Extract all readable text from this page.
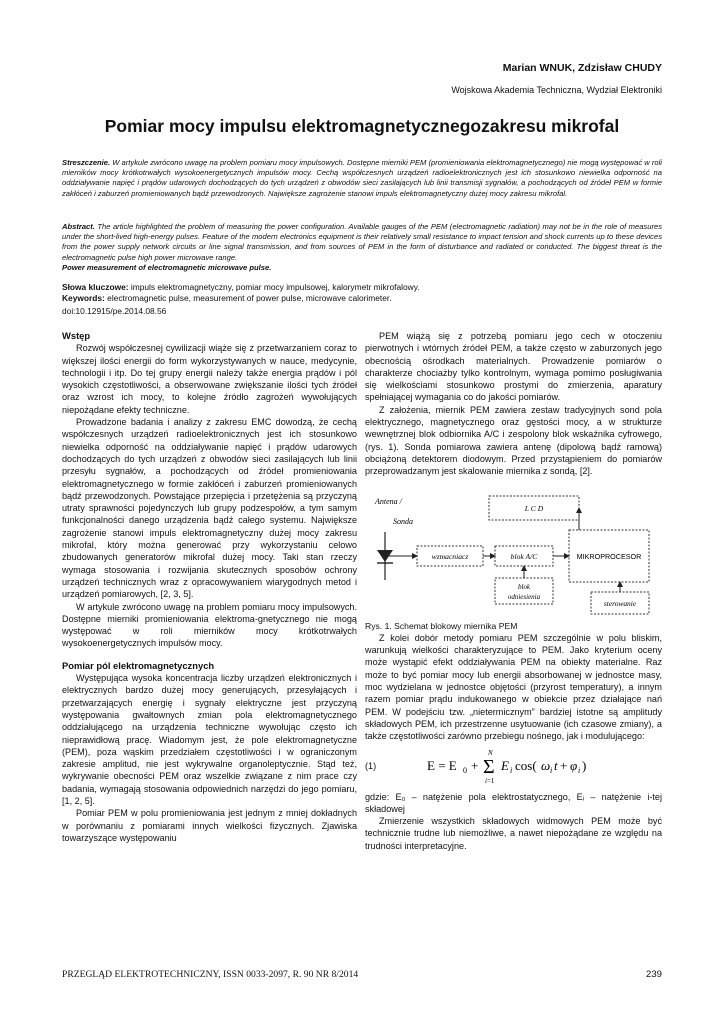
Marian WNUK, Zdzisław CHUDY
Wojskowa Akademia Techniczna, Wydział Elektroniki
Pomiar mocy impulsu elektromagnetycznegozakresu mikrofal
Streszczenie. W artykule zwrócono uwagę na problem pomiaru mocy impulsowych. Dostępne mierniki PEM (promieniowania elektromagnetycznego) nie mogą występować w roli mierników mocy krótkotrwałych wysokoenergetycznych impulsów mocy. Cechą współczesnych urządzeń radioelektronicznych jest ich stosunkowo niewielka odporność na oddziaływanie napięć i prądów udarowych dochodzących do tych urządzeń z obwodów sieci zasilających lub linii transmisji sygnałów, a pochodzących od źródeł PEM w formie zakłóceń i zaburzeń promieniowanych bądź przewodzonych. Największe zagrożenie stanowi impuls elektromagnetyczny dużej mocy zakresu mikrofal.
Abstract. The article highlighted the problem of measuring the power configuration. Available gauges of the PEM (electromagnetic radiation) may not be in the role of measures under the short-lived high-energy pulses. Feature of the modern electronics equipment is their relatively small resistance to impact tension and shock currents up to these devices from the power supply network circuits or line signal transmission, and from sources of PEM in the form of disturbance and radiated or conducted. The biggest threat is the electromagnetic pulse high power microwave range.
Power measurement of electromagnetic microwave pulse.
Słowa kluczowe: impuls elektromagnetyczny, pomiar mocy impulsowej, kalorymetr mikrofalowy.
Keywords: electromagnetic pulse, measurement of power pulse, microwave calorimeter.
doi:10.12915/pe.2014.08.56
Wstęp

Rozwój współczesnej cywilizacji wiąże się z przetwarzaniem coraz to większej ilości energii do form wykorzystywanych w nauce, medycynie, technologii i itp. Do tej grupy energii należy także energia prądów i pól wysokich częstotliwości, a obserwowane zwiększanie ilości tych źródeł oraz wzrost ich mocy, to kolejne źródło zagrożeń wywołujących niepożądane efekty techniczne.

Prowadzone badania i analizy z zakresu EMC dowodzą, że cechą współczesnych urządzeń radioelektronicznych jest ich stosunkowo niewielka odporność na oddziaływanie napięć i prądów udarowych dochodzących do tych urządzeń z obwodów sieci zasilających lub linii przesyłu sygnałów, a pochodzących od źródeł promieniowania elektromagnetycznego w formie zakłóceń i zaburzeń promieniowanych bądź przewodzonych. Powstające przepięcia i przetężenia są przyczyną utraty sprawności pojedynczych lub grupy podzespołów, a tym samym funkcjonalności danego urządzenia bądź całego systemu. Największe zagrożenie stanowi impuls elektromagnetyczny dużej mocy zakresu mikrofal, który można generować przy wykorzystaniu celowo zbudowanych generatorów mikrofal dużej mocy. Taki stan rzeczy wymaga stosowania i rozwijania skutecznych sposobów ochrony urządzeń technicznych wraz z opracowywaniem wiarygodnych metod i urządzeń pomiarowych, [2, 3, 5].

W artykule zwrócono uwagę na problem pomiaru mocy impulsowych. Dostępne mierniki promieniowania elektroma-gnetycznego nie mogą występować w roli mierników mocy krótkotrwałych wysokoenergetycznych impulsów mocy.

Pomiar pól elektromagnetycznych

Występująca wysoka koncentracja liczby urządzeń elektronicznych i elektrycznych bardzo dużej mocy generujących, przesyłających i przetwarzających energię i sygnały elektryczne jest przyczyną występowania gwałtownych zmian pola elektromagnetycznego oddziałującego na urządzenia techniczne wywołując często ich nieprawidłową pracę. Wiadomym jest, że pole elektromagnetyczne (PEM), poza wąskim przedziałem częstotliwości i w ograniczonym zakresie amplitud, nie jest wykrywalne organoleptycznie. Stąd też, wykrywanie obecności PEM oraz wszelkie związane z nim prace czy badania, wymagają stosowania odpowiednich narzędzi do jego pomiaru, [1, 2, 5].

Pomiar PEM w polu promieniowania jest jednym z mniej dokładnych w porównaniu z pomiarami innych wielkości fizycznych. Zjawiska towarzyszące występowaniu

PEM wiążą się z potrzebą pomiaru jego cech w otoczeniu pierwotnych i wtórnych źródeł PEM, a także często w zaburzonych jego obecnością ośrodkach materialnych. Prowadzenie pomiarów o charakterze chociażby tylko kontrolnym, wymaga pomimo posługiwania się wielkościami stosunkowo prostymi do zmierzenia, aparatury spełniającej wymagania co do jakości pomiarów.

Z założenia, miernik PEM zawiera zestaw tradycyjnych sond pola elektrycznego, magnetycznego oraz gęstości mocy, a w strukturze wewnętrznej blok odbiornika A/C i zespolony blok wskaźnika cyfrowego, (rys. 1). Sonda pomiarowa zawiera antenę (dipolową bądź ramową) obciążoną detektorem diodowym. Przed przystąpieniem do pomiarów przeprowadzanym jest skalowanie miernika z sondą, [2].

Antena /
Sonda
wzmacniacz	blok A/C
L C D
MIKROPROCESOR
blok
odniesienia
sterowanie

Rys. 1. Schemat blokowy miernika PEM

Z kolei dobór metody pomiaru PEM szczególnie w polu bliskim, warunkują wielkości charakteryzujące to PEM. Jako kryterium oceny może wystąpić efekt oddziaływania PEM na obiekty materialne. Raz może to być pomiar mocy lub energii absorbowanej w jednostce masy, moc wydzielana w jednostce objętości (przyrost temperatury), a innym razem pomiar prądu indukowanego w obiekcie przez działające nań PEM. W podejściu tzw. „nietermicznym” bardziej istotne są amplitudy składowych PEM, ich przestrzenne usytuowanie (ich czasowe zmiany), a także częstotliwości zarówno przebiegu nośnego, jak i modulującego:

(1)	E = E 0 + Σ
N
i=1
E i cos( ω i t + φ i )

gdzie: E₀ – natężenie pola elektrostatycznego, Eᵢ – natężenie i-tej składowej

Zmierzenie wszystkich składowych widmowych PEM może być technicznie trudne lub niemożliwe, a nawet niepożądane ze względu na trudności interpretacyjne.

PRZEGLĄD ELEKTROTECHNICZNY, ISSN 0033-2097, R. 90 NR 8/2014	239
